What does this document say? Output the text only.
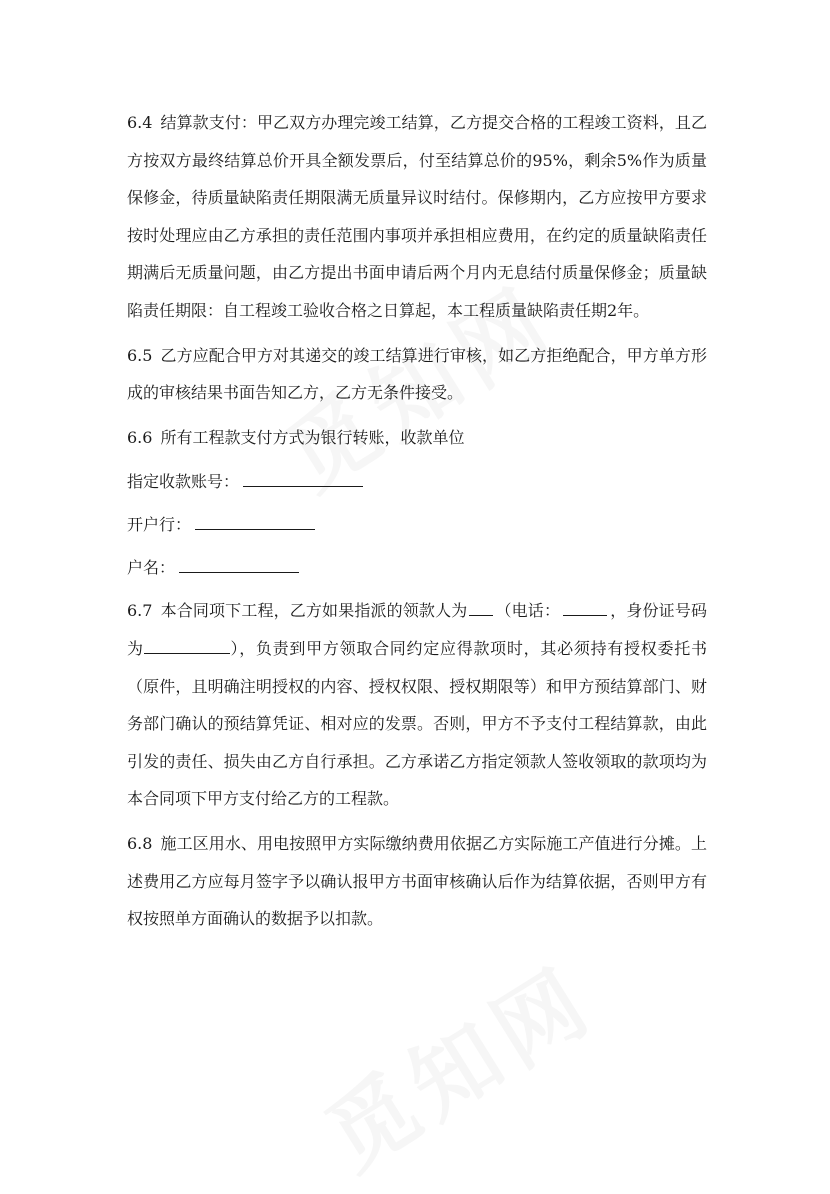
6.4 结算款支付：甲乙双方办理完竣工结算，乙方提交合格的工程竣工资料，且乙方按双方最终结算总价开具全额发票后，付至结算总价的95%，剩余5%作为质量保修金，待质量缺陷责任期限满无质量异议时结付。保修期内，乙方应按甲方要求按时处理应由乙方承担的责任范围内事项并承担相应费用，在约定的质量缺陷责任期满后无质量问题，由乙方提出书面申请后两个月内无息结付质量保修金；质量缺陷责任期限：自工程竣工验收合格之日算起，本工程质量缺陷责任期2年。

6.5 乙方应配合甲方对其递交的竣工结算进行审核，如乙方拒绝配合，甲方单方形成的审核结果书面告知乙方，乙方无条件接受。

6.6 所有工程款支付方式为银行转账，收款单位

指定收款账号：
开户行：
户名：

6.7 本合同项下工程，乙方如果指派的领款人为 （电话：	，身份证号码为	），负责到甲方领取合同约定应得款项时，其必须持有授权委托书（原件，且明确注明授权的内容、授权权限、授权期限等）和甲方预结算部门、财务部门确认的预结算凭证、相对应的发票。否则，甲方不予支付工程结算款，由此引发的责任、损失由乙方自行承担。乙方承诺乙方指定领款人签收领取的款项均为本合同项下甲方支付给乙方的工程款。

6.8 施工区用水、用电按照甲方实际缴纳费用依据乙方实际施工产值进行分摊。上述费用乙方应每月签字予以确认报甲方书面审核确认后作为结算依据，否则甲方有权按照单方面确认的数据予以扣款。
